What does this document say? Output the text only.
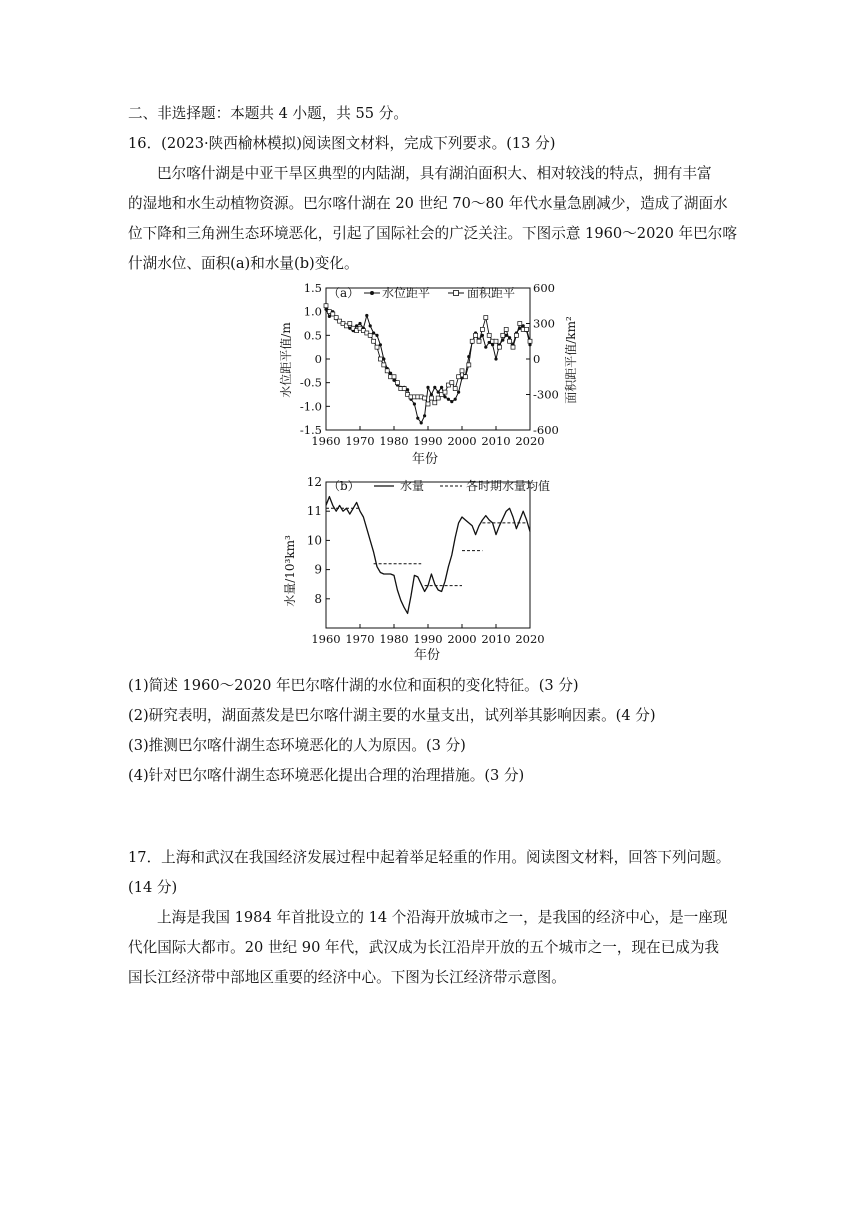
二、非选择题：本题共 4 小题，共 55 分。
16．(2023·陕西榆林模拟)阅读图文材料，完成下列要求。(13 分)
巴尔喀什湖是中亚干旱区典型的内陆湖，具有湖泊面积大、相对较浅的特点，拥有丰富
的湿地和水生动植物资源。巴尔喀什湖在 20 世纪 70～80 年代水量急剧减少，造成了湖面水
位下降和三角洲生态环境恶化，引起了国际社会的广泛关注。下图示意 1960～2020 年巴尔喀
什湖水位、面积(a)和水量(b)变化。
1.5
1.0
0.5
0
-0.5
-1.0
-1.5
600
300
0
-300
-600
1960 1970 1980 1990 2000 2010 2020
水位距平值/m	面积距平值/km²
年份
（a） 水位距平	面积距平
12
11
10
9
8
1960 1970 1980 1990 2000 2010 2020
水量/10³km³
年份
（b）	水量	各时期水量均值
(1)简述 1960～2020 年巴尔喀什湖的水位和面积的变化特征。(3 分)
(2)研究表明，湖面蒸发是巴尔喀什湖主要的水量支出，试列举其影响因素。(4 分)
(3)推测巴尔喀什湖生态环境恶化的人为原因。(3 分)
(4)针对巴尔喀什湖生态环境恶化提出合理的治理措施。(3 分)
17．上海和武汉在我国经济发展过程中起着举足轻重的作用。阅读图文材料，回答下列问题。
(14 分)
上海是我国 1984 年首批设立的 14 个沿海开放城市之一，是我国的经济中心，是一座现
代化国际大都市。20 世纪 90 年代，武汉成为长江沿岸开放的五个城市之一，现在已成为我
国长江经济带中部地区重要的经济中心。下图为长江经济带示意图。
